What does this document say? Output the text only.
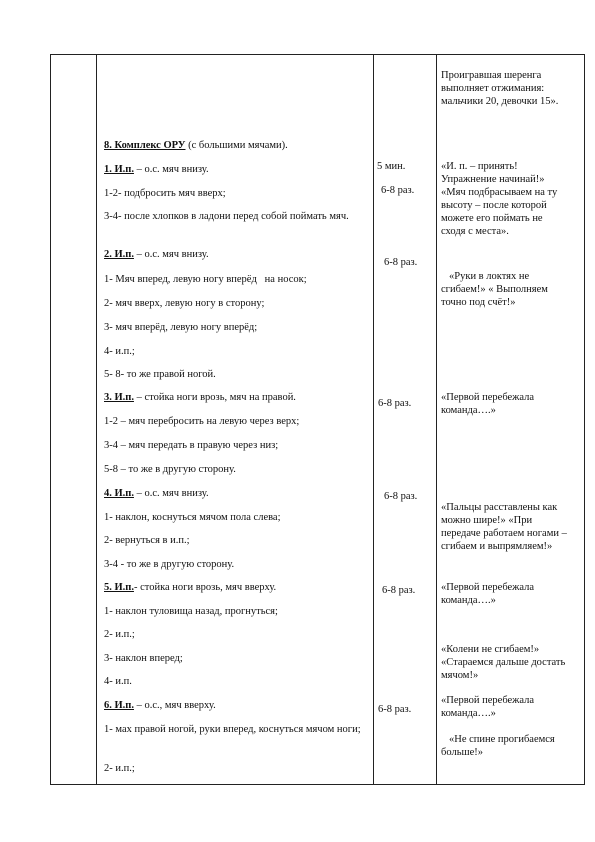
8. Комплекс ОРУ (с большими мячами).
1. И.п. – о.с. мяч внизу.
1-2- подбросить мяч вверх;
3-4- после хлопков в ладони перед собой поймать мяч.
2. И.п. – о.с. мяч внизу.
1- Мяч вперед, левую ногу вперёд   на носок;
2- мяч вверх, левую ногу в сторону;
3- мяч вперёд, левую ногу вперёд;
4- и.п.;
5- 8- то же правой ногой.
3. И.п. – стойка ноги врозь, мяч на правой.
1-2 – мяч перебросить на левую через верх;
3-4 – мяч передать в правую через низ;
5-8 – то же в другую сторону.
4. И.п. – о.с. мяч внизу.
1- наклон, коснуться мячом пола слева;
2- вернуться в и.п.;
3-4 - то же в другую сторону.
5. И.п.- стойка ноги врозь, мяч вверху.
1- наклон туловища назад, прогнуться;
2- и.п.;
3- наклон вперед;
4- и.п.
6. И.п. – о.с., мяч вверху.
1- мах правой ногой, руки вперед, коснуться мячом ноги;
2- и.п.;
5 мин.
6-8 раз.
6-8 раз.
6-8 раз.
6-8 раз.
6-8 раз.
6-8 раз.
Проигравшая шеренга выполняет отжимания: мальчики 20, девочки 15».
«И. п. – принять! Упражнение начинай!» «Мяч подбрасываем на ту высоту – после которой можете его поймать не сходя с места».
«Руки в локтях не сгибаем!» « Выполняем точно под счёт!»
«Первой перебежала команда….»
«Пальцы расставлены как можно шире!» «При передаче работаем ногами – сгибаем и выпрямляем!»
«Первой перебежала команда….»
«Колени не сгибаем!» «Стараемся дальше достать мячом!»
«Первой перебежала команда….»
«Не спине прогибаемся больше!»
